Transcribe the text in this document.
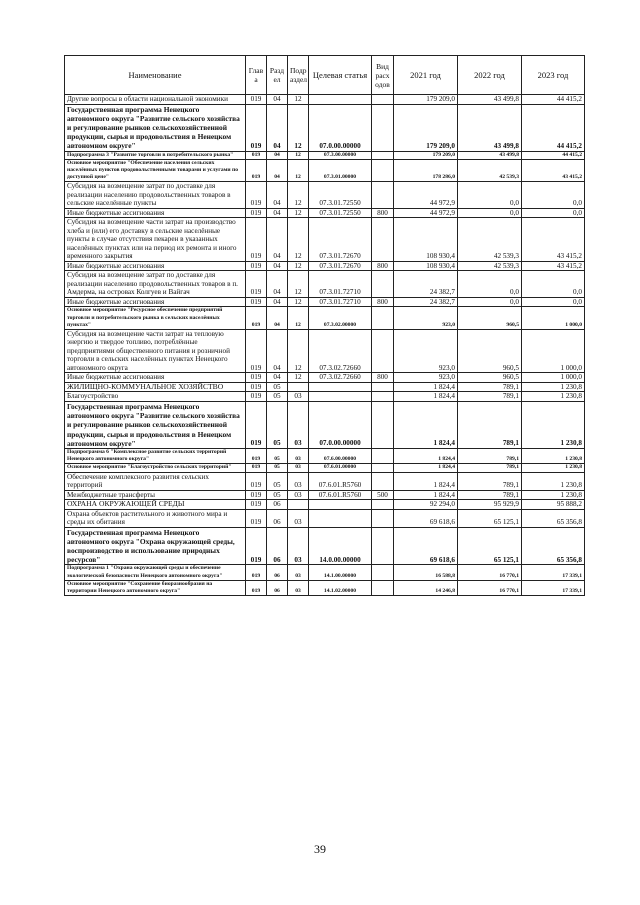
Наименование	Глав а	Разд ел	Подр аздел	Целевая статья	Вид расх одов	2021 год	2022 год	2023 год
Другие вопросы в области национальной экономики	019	04	12			179 209,0	43 499,8	44 415,2
Государственная программа Ненецкого автономного округа "Развитие сельского хозяйства и регулирование рынков сельскохозяйственной продукции, сырья и продовольствия в Ненецком автономном округе"	019	04	12	07.0.00.00000		179 209,0	43 499,8	44 415,2
Подпрограмма 3 "Развитие торговли в потребительского рынка"	019	04	12	07.3.00.00000		179 209,0	43 499,8	44 415,2
Основное мероприятие "Обеспечение населения сельских населённых пунктов продовольственными товарами и услугами по доступной цене"	019	04	12	07.3.01.00000		178 286,0	42 539,3	43 415,2
Субсидия на возмещение затрат по доставке для реализации населению продовольственных товаров в сельские населённые пункты	019	04	12	07.3.01.72550		44 972,9	0,0	0,0
Иные бюджетные ассигнования	019	04	12	07.3.01.72550	800	44 972,9	0,0	0,0
Субсидия на возмещение части затрат на производство хлеба и (или) его доставку в сельские населённые пункты в случае отсутствия пекарен в указанных населённых пунктах или на период их ремонта и иного временного закрытия	019	04	12	07.3.01.72670		108 930,4	42 539,3	43 415,2
Иные бюджетные ассигнования	019	04	12	07.3.01.72670	800	108 930,4	42 539,3	43 415,2
Субсидия на возмещение затрат по доставке для реализации населению продовольственных товаров в п. Амдерма, на островах Колгуев и Вайгач	019	04	12	07.3.01.72710		24 382,7	0,0	0,0
Иные бюджетные ассигнования	019	04	12	07.3.01.72710	800	24 382,7	0,0	0,0
Основное мероприятие "Ресурсное обеспечение предприятий торговли и потребительского рынка в сельских населённых пунктах"	019	04	12	07.3.02.00000		923,0	960,5	1 000,0
Субсидия на возмещение части затрат на тепловую энергию и твердое топливо, потреблённые предприятиями общественного питания и розничной торговли в сельских населённых пунктах Ненецкого автономного округа	019	04	12	07.3.02.72660		923,0	960,5	1 000,0
Иные бюджетные ассигнования	019	04	12	07.3.02.72660	800	923,0	960,5	1 000,0
ЖИЛИЩНО-КОММУНАЛЬНОЕ ХОЗЯЙСТВО	019	05				1 824,4	789,1	1 230,8
Благоустройство	019	05	03			1 824,4	789,1	1 230,8
Государственная программа Ненецкого автономного округа "Развитие сельского хозяйства и регулирование рынков сельскохозяйственной продукции, сырья и продовольствия в Ненецком автономном округе"	019	05	03	07.0.00.00000		1 824,4	789,1	1 230,8
Подпрограмма 6 "Комплексное развитие сельских территорий Ненецкого автономного округа"	019	05	03	07.6.00.00000		1 824,4	789,1	1 230,8
Основное мероприятие "Благоустройство сельских территорий"	019	05	03	07.6.01.00000		1 824,4	789,1	1 230,8
Обеспечение комплексного развития сельских территорий	019	05	03	07.6.01.R5760		1 824,4	789,1	1 230,8
Межбюджетные трансферты	019	05	03	07.6.01.R5760	500	1 824,4	789,1	1 230,8
ОХРАНА ОКРУЖАЮЩЕЙ СРЕДЫ	019	06				92 294,0	95 929,9	95 888,2
Охрана объектов растительного и животного мира и среды их обитания	019	06	03			69 618,6	65 125,1	65 356,8
Государственная программа Ненецкого автономного округа "Охрана окружающей среды, воспроизводство и использование природных ресурсов"	019	06	03	14.0.00.00000		69 618,6	65 125,1	65 356,8
Подпрограмма 1 "Охрана окружающей среды и обеспечение экологической безопасности Ненецкого автономного округа"	019	06	03	14.1.00.00000		16 588,8	16 770,1	17 339,1
Основное мероприятие "Сохранение биоразнообразия на территории Ненецкого автономного округа"	019	06	03	14.1.02.00000		14 246,8	16 770,1	17 339,1
39
